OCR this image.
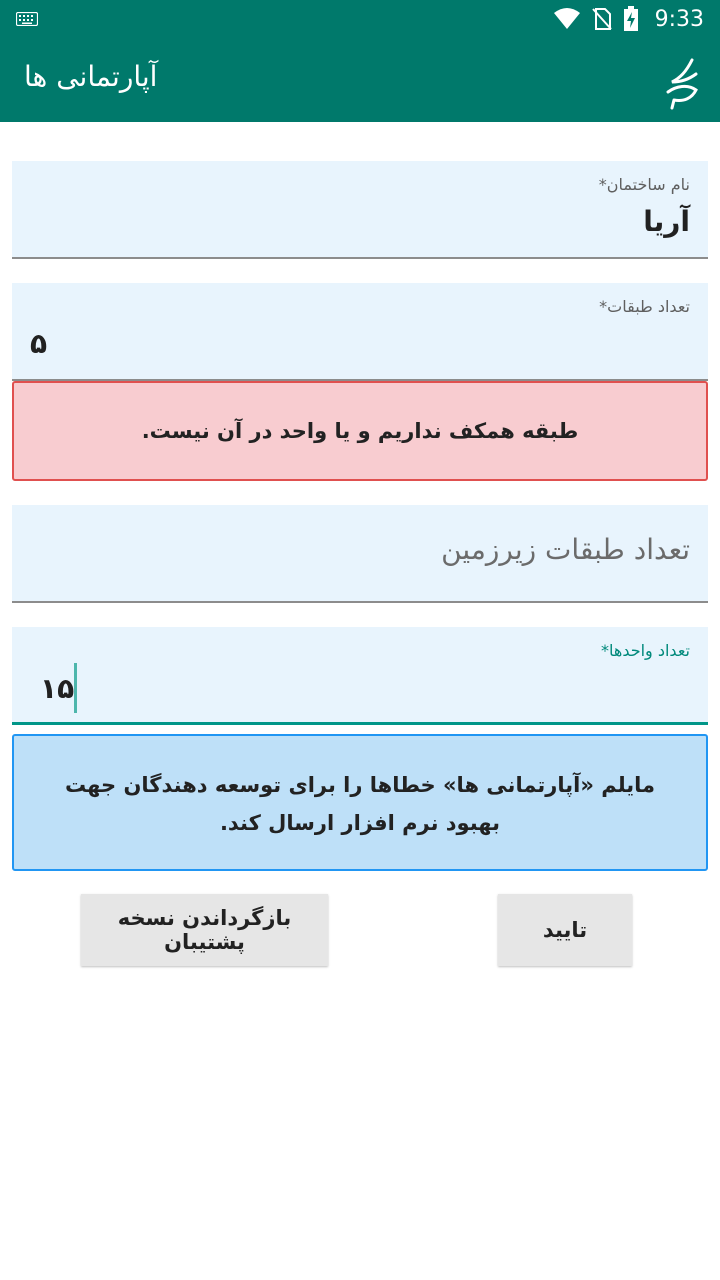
9:33
آپارتمانی ها
نام ساختمان*
آریا
تعداد طبقات*
۵
طبقه همکف نداریم و یا واحد در آن نیست.
تعداد طبقات زیرزمین
تعداد واحدها*
۱۵
مایلم «آپارتمانی ها» خطاها را برای توسعه دهندگان جهت بهبود نرم افزار ارسال کند.
بازگرداندن نسخه پشتیبان	تایید
